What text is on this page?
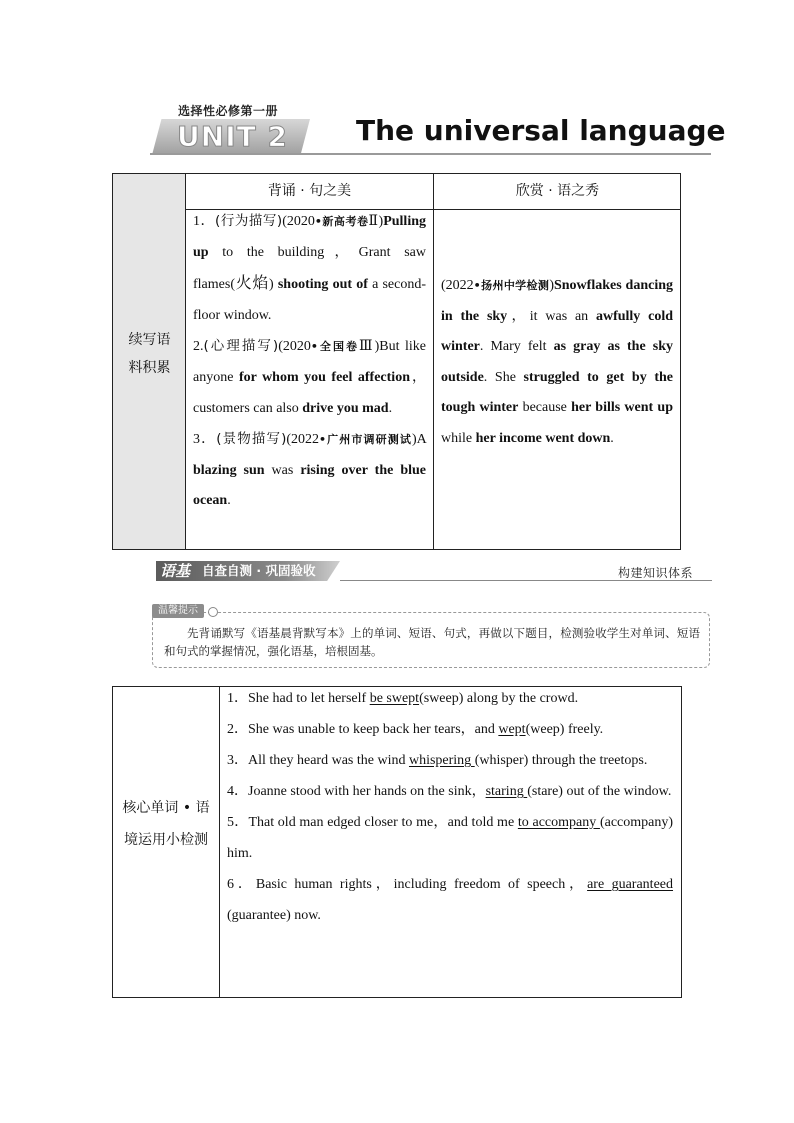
UNIT 2
选择性必修第一册
The universal language
背诵 · 句之美	欣赏 · 语之秀
续写语料积累
1．(行为描写)(2020•新高考卷Ⅱ)Pulling up to the building，Grant saw flames(火焰) shooting out of a second-floor window.
2.(心理描写)(2020•全国卷Ⅲ)But like anyone for whom you feel affection，customers can also drive you mad.
3．(景物描写)(2022•广州市调研测试)A blazing sun was rising over the blue ocean.
(2022•扬州中学检测)Snowflakes dancing in the sky，it was an awfully cold winter. Mary felt as gray as the sky outside. She struggled to get by the tough winter because her bills went up while her income went down.
语基 自查自测 · 巩固验收	构建知识体系
温馨提示
先背诵默写《语基晨背默写本》上的单词、短语、句式，再做以下题目，检测验收学生对单词、短语和句式的掌握情况，强化语基，培根固基。
核心单词 • 语境运用小检测

1．She had to let herself be swept(sweep) along by the crowd.

2．She was unable to keep back her tears，and wept(weep) freely.

3．All they heard was the wind whispering (whisper) through the treetops.

4．Joanne stood with her hands on the sink，staring (stare) out of the window.

5．That old man edged closer to me，and told me to accompany (accompany) him.

6．Basic human rights，including freedom of speech，are guaranteed (guarantee) now.
